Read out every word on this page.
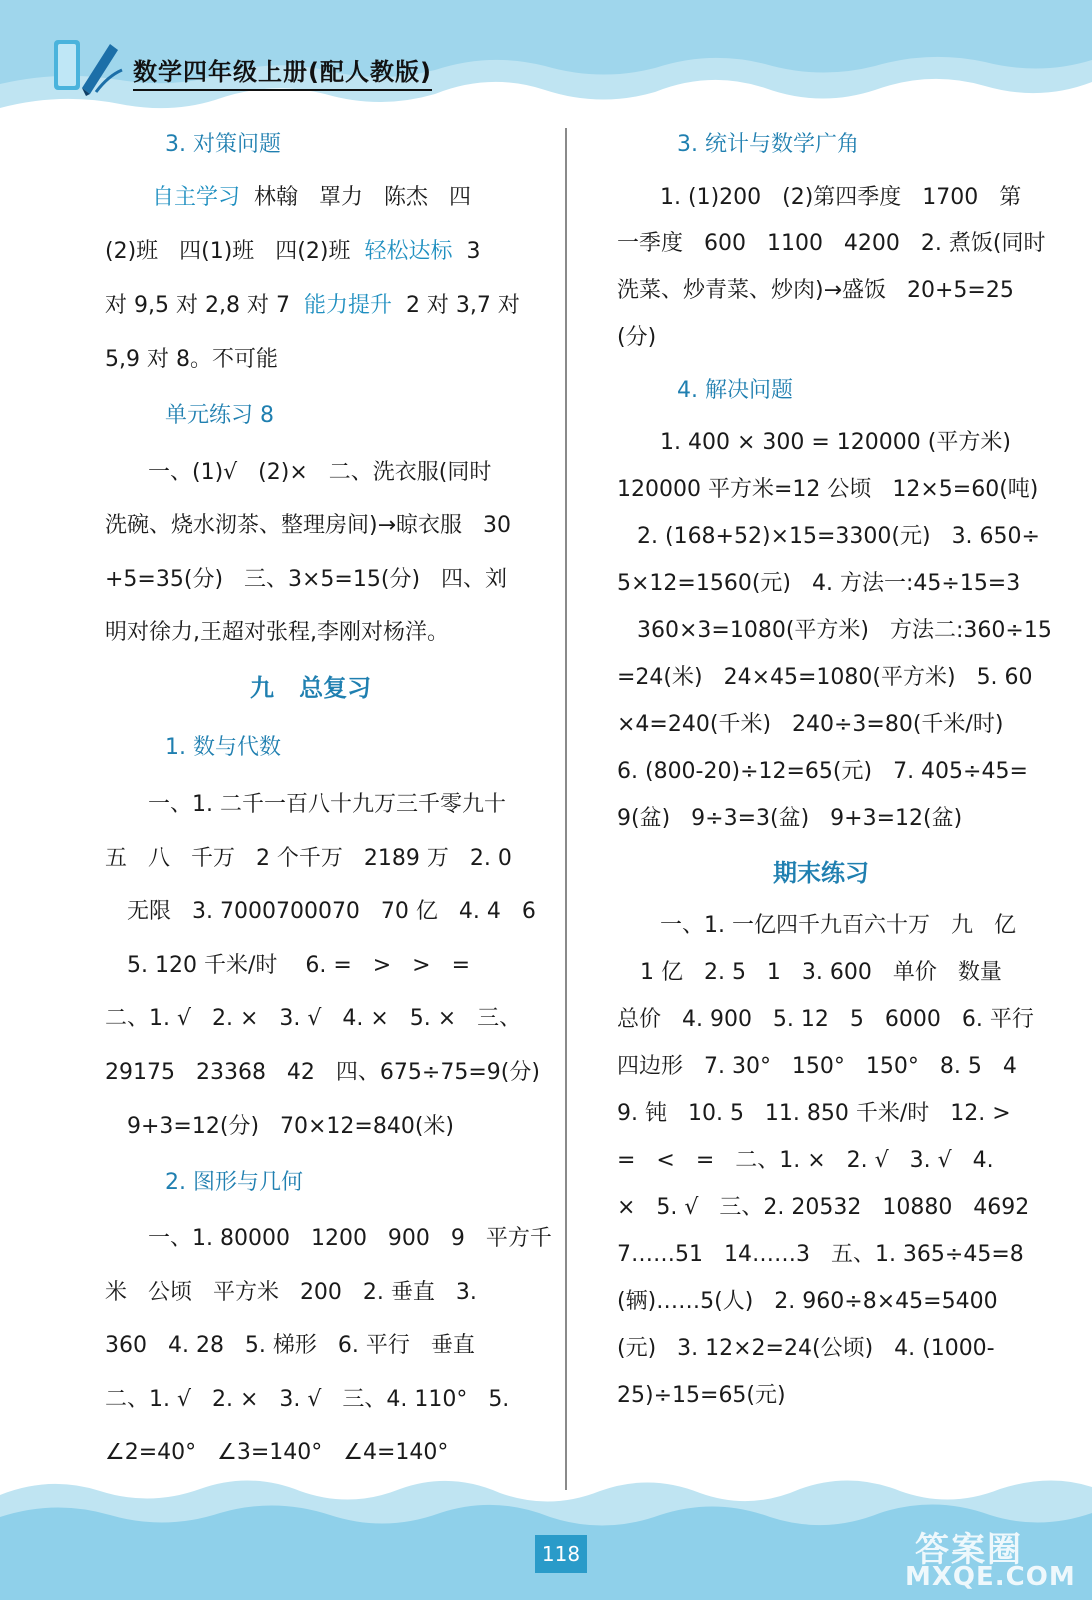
数学四年级上册(配人教版)
3. 对策问题
自主学习  林翰   罩力   陈杰   四
(2)班   四(1)班   四(2)班  轻松达标  3
对 9,5 对 2,8 对 7  能力提升  2 对 3,7 对
5,9 对 8。不可能
单元练习 8
一、(1)√   (2)×   二、洗衣服(同时
洗碗、烧水沏茶、整理房间)→晾衣服   30
+5=35(分)   三、3×5=15(分)   四、刘
明对徐力,王超对张程,李刚对杨洋。
九   总复习
1. 数与代数
一、1. 二千一百八十九万三千零九十
五   八   千万   2 个千万   2189 万   2. 0
无限   3. 7000700070   70 亿   4. 4   6
5. 120 千米/时    6. =   >   >   =
二、1. √   2. ×   3. √   4. ×   5. ×   三、
29175   23368   42   四、675÷75=9(分)
9+3=12(分)   70×12=840(米)
2. 图形与几何
一、1. 80000   1200   900   9   平方千
米   公顷   平方米   200   2. 垂直   3.
360   4. 28   5. 梯形   6. 平行   垂直
二、1. √   2. ×   3. √   三、4. 110°   5.
∠2=40°   ∠3=140°   ∠4=140°
3. 统计与数学广角
1. (1)200   (2)第四季度   1700   第
一季度   600   1100   4200   2. 煮饭(同时
洗菜、炒青菜、炒肉)→盛饭   20+5=25
(分)
4. 解决问题
1. 400 × 300 = 120000 (平方米)
120000 平方米=12 公顷   12×5=60(吨)
2. (168+52)×15=3300(元)   3. 650÷
5×12=1560(元)   4. 方法一:45÷15=3
360×3=1080(平方米)   方法二:360÷15
=24(米)   24×45=1080(平方米)   5. 60
×4=240(千米)   240÷3=80(千米/时)
6. (800-20)÷12=65(元)   7. 405÷45=
9(盆)   9÷3=3(盆)   9+3=12(盆)
期末练习
一、1. 一亿四千九百六十万   九   亿
1 亿   2. 5   1   3. 600   单价   数量
总价   4. 900   5. 12   5   6000   6. 平行
四边形   7. 30°   150°   150°   8. 5   4
9. 钝   10. 5   11. 850 千米/时   12. >
=   <   =   二、1. ×   2. √   3. √   4.
×   5. √   三、2. 20532   10880   4692
7……51   14……3   五、1. 365÷45=8
(辆)……5(人)   2. 960÷8×45=5400
(元)   3. 12×2=24(公顷)   4. (1000-
25)÷15=65(元)
118	答案圈
MXQE.COM
